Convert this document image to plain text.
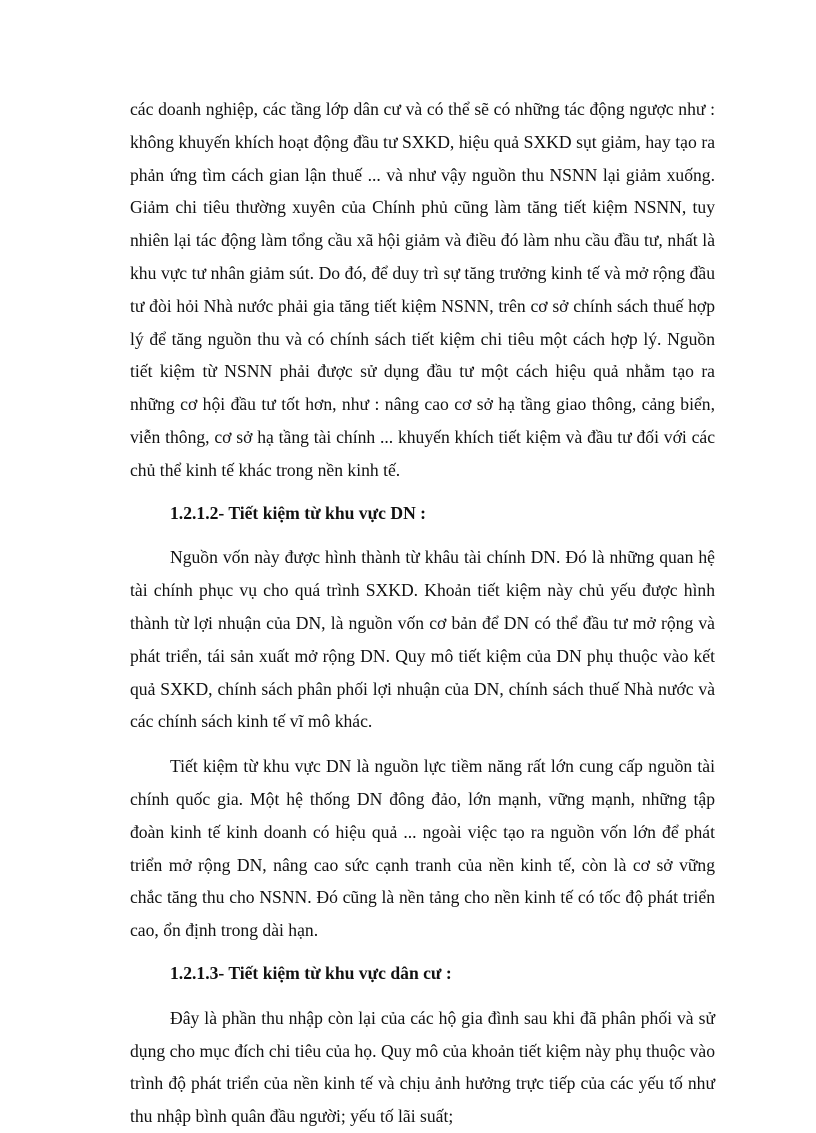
các doanh nghiệp, các tầng lớp dân cư và có thể sẽ có những tác động ngược như : không khuyến khích hoạt động đầu tư SXKD, hiệu quả SXKD sụt giảm, hay tạo ra phản ứng tìm cách gian lận thuế ... và như vậy nguồn thu NSNN lại giảm xuống. Giảm chi tiêu thường xuyên của Chính phủ cũng làm tăng tiết kiệm NSNN, tuy nhiên lại tác động làm tổng cầu xã hội giảm và điều đó làm nhu cầu đầu tư, nhất là khu vực tư nhân giảm sút. Do đó, để duy trì sự tăng trưởng kinh tế và mở rộng đầu tư đòi hỏi Nhà nước phải gia tăng tiết kiệm NSNN, trên cơ sở chính sách thuế hợp lý để tăng nguồn thu và có chính sách tiết kiệm chi tiêu một cách hợp lý. Nguồn tiết kiệm từ NSNN phải được sử dụng đầu tư một cách hiệu quả nhằm tạo ra những cơ hội đầu tư tốt hơn, như : nâng cao cơ sở hạ tầng giao thông, cảng biển, viễn thông, cơ sở hạ tầng tài chính ... khuyến khích tiết kiệm và đầu tư đối với các chủ thể kinh tế khác trong nền kinh tế.

1.2.1.2- Tiết kiệm từ khu vực DN :

Nguồn vốn này được hình thành từ khâu tài chính DN. Đó là những quan hệ tài chính phục vụ cho quá trình SXKD. Khoản tiết kiệm này chủ yếu được hình thành từ lợi nhuận của DN, là nguồn vốn cơ bản để DN có thể đầu tư mở rộng và phát triển, tái sản xuất mở rộng DN. Quy mô tiết kiệm của DN phụ thuộc vào kết quả SXKD, chính sách phân phối lợi nhuận của DN, chính sách thuế Nhà nước và các chính sách kinh tế vĩ mô khác.

Tiết kiệm từ khu vực DN là nguồn lực tiềm năng rất lớn cung cấp nguồn tài chính quốc gia. Một hệ thống DN đông đảo, lớn mạnh, vững mạnh, những tập đoàn kinh tế kinh doanh có hiệu quả ... ngoài việc tạo ra nguồn vốn lớn để phát triển mở rộng DN, nâng cao sức cạnh tranh của nền kinh tế, còn là cơ sở vững chắc tăng thu cho NSNN. Đó cũng là nền tảng cho nền kinh tế có tốc độ phát triển cao, ổn định trong dài hạn.

1.2.1.3- Tiết kiệm từ khu vực dân cư :

Đây là phần thu nhập còn lại của các hộ gia đình sau khi đã phân phối và sử dụng cho mục đích chi tiêu của họ. Quy mô của khoản tiết kiệm này phụ thuộc vào trình độ phát triển của nền kinh tế và chịu ảnh hưởng trực tiếp của các yếu tố như thu nhập bình quân đầu người; yếu tố lãi suất;
